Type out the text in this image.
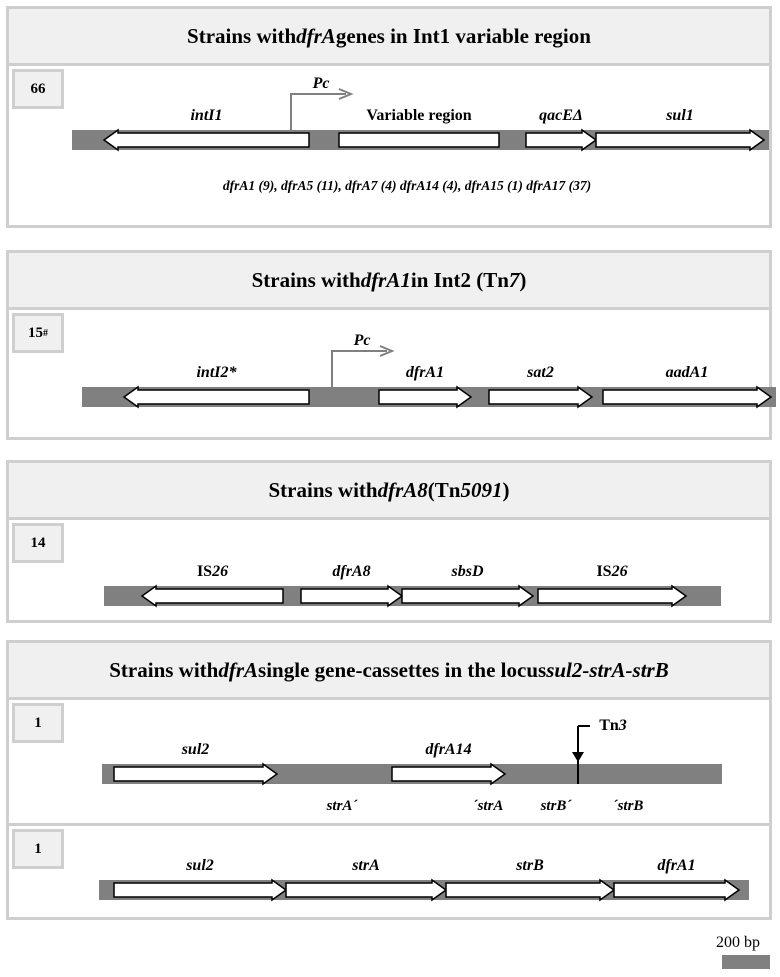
Strains with dfrA genes in Int1 variable region
66
dfrA1 (9), dfrA5 (11), dfrA7 (4) dfrA14 (4), dfrA15 (1) dfrA17 (37)
intI1	Variable region	qacEΔ	sul1
Pc
Strains with dfrA1 in Int2 (Tn 7 )
15 #
intI2*	dfrA1	sat2	aadA1
Pc
Strains with dfrA8 (Tn 5091 )
14
IS26	dfrA8	sbsD	IS26
Strains with dfrA single gene-cassettes in the locus sul2-strA-strB
1
sul2	dfrA14
Tn3
strA´	´strA strB´	´strB
1
sul2	strA	strB	dfrA1
200 bp
